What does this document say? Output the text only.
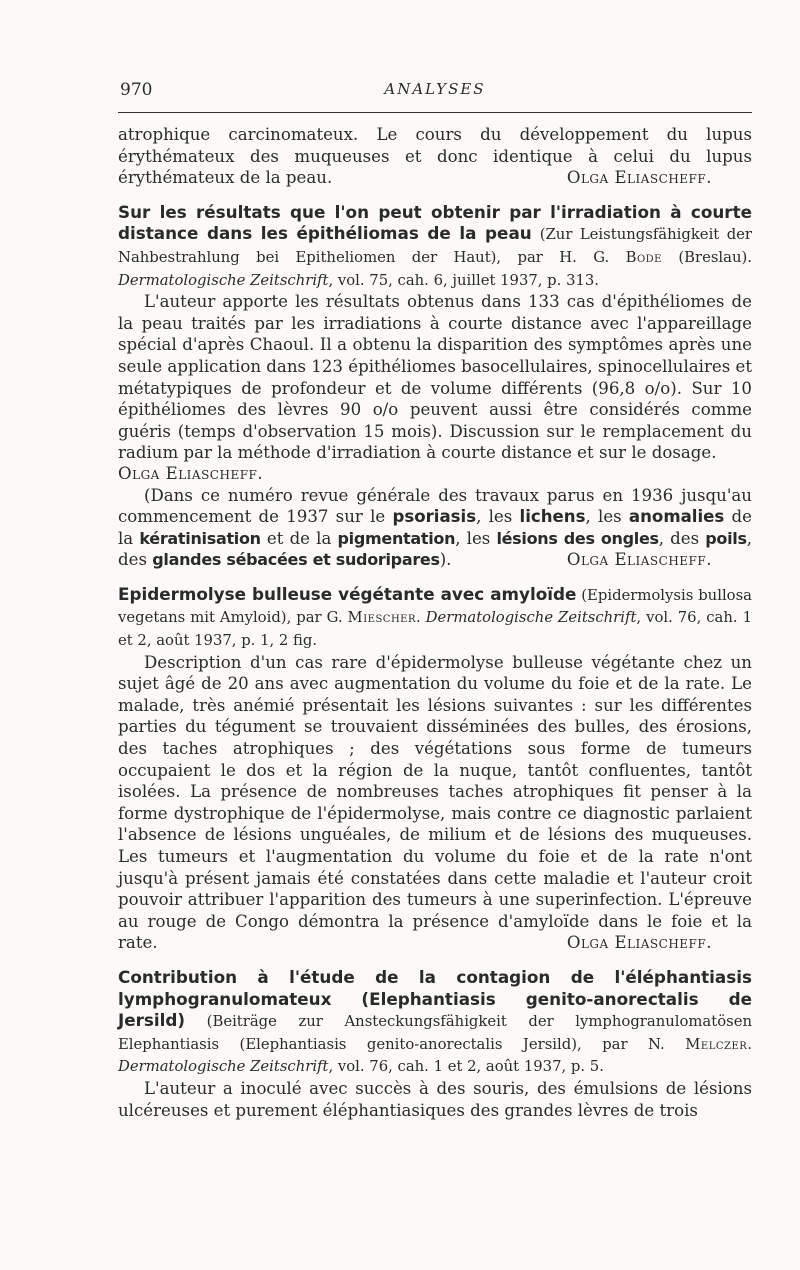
970	ANALYSES

atrophique carcinomateux. Le cours du développement du lupus érythémateux des muqueuses et donc identique à celui du lupus érythémateux de la peau.	Olga Eliascheff.

Sur les résultats que l'on peut obtenir par l'irradiation à courte distance dans les épithéliomas de la peau (Zur Leistungsfähigkeit der Nahbestrahlung bei Epitheliomen der Haut), par H. G. Bode (Breslau). Dermatologische Zeitschrift, vol. 75, cah. 6, juillet 1937, p. 313.

L'auteur apporte les résultats obtenus dans 133 cas d'épithéliomes de la peau traités par les irradiations à courte distance avec l'appareillage spécial d'après Chaoul. Il a obtenu la disparition des symptômes après une seule application dans 123 épithéliomes basocellulaires, spinocellulaires et métatypiques de profondeur et de volume différents (96,8 o/o). Sur 10 épithéliomes des lèvres 90 o/o peuvent aussi être considérés comme guéris (temps d'observation 15 mois). Discussion sur le remplacement du radium par la méthode d'irradiation à courte distance et sur le dosage.
Olga Eliascheff.

(Dans ce numéro revue générale des travaux parus en 1936 jusqu'au commencement de 1937 sur le psoriasis, les lichens, les anomalies de la kératinisation et de la pigmentation, les lésions des ongles, des poils, des glandes sébacées et sudoripares).	Olga Eliascheff.

Epidermolyse bulleuse végétante avec amyloïde (Epidermolysis bullosa vegetans mit Amyloid), par G. Miescher. Dermatologische Zeitschrift, vol. 76, cah. 1 et 2, août 1937, p. 1, 2 fig.

Description d'un cas rare d'épidermolyse bulleuse végétante chez un sujet âgé de 20 ans avec augmentation du volume du foie et de la rate. Le malade, très anémié présentait les lésions suivantes : sur les différentes parties du tégument se trouvaient disséminées des bulles, des érosions, des taches atrophiques ; des végétations sous forme de tumeurs occupaient le dos et la région de la nuque, tantôt confluentes, tantôt isolées. La présence de nombreuses taches atrophiques fit penser à la forme dystrophique de l'épidermolyse, mais contre ce diagnostic parlaient l'absence de lésions unguéales, de milium et de lésions des muqueuses. Les tumeurs et l'augmentation du volume du foie et de la rate n'ont jusqu'à présent jamais été constatées dans cette maladie et l'auteur croit pouvoir attribuer l'apparition des tumeurs à une superinfection. L'épreuve au rouge de Congo démontra la présence d'amyloïde dans le foie et la rate.	Olga Eliascheff.

Contribution à l'étude de la contagion de l'éléphantiasis lymphogranulomateux (Elephantiasis genito-anorectalis de Jersild) (Beiträge zur Ansteckungsfähigkeit der lymphogranulomatösen Elephantiasis (Elephantiasis genito-anorectalis Jersild), par N. Melczer. Dermatologische Zeitschrift, vol. 76, cah. 1 et 2, août 1937, p. 5.

L'auteur a inoculé avec succès à des souris, des émulsions de lésions ulcéreuses et purement éléphantiasiques des grandes lèvres de trois
